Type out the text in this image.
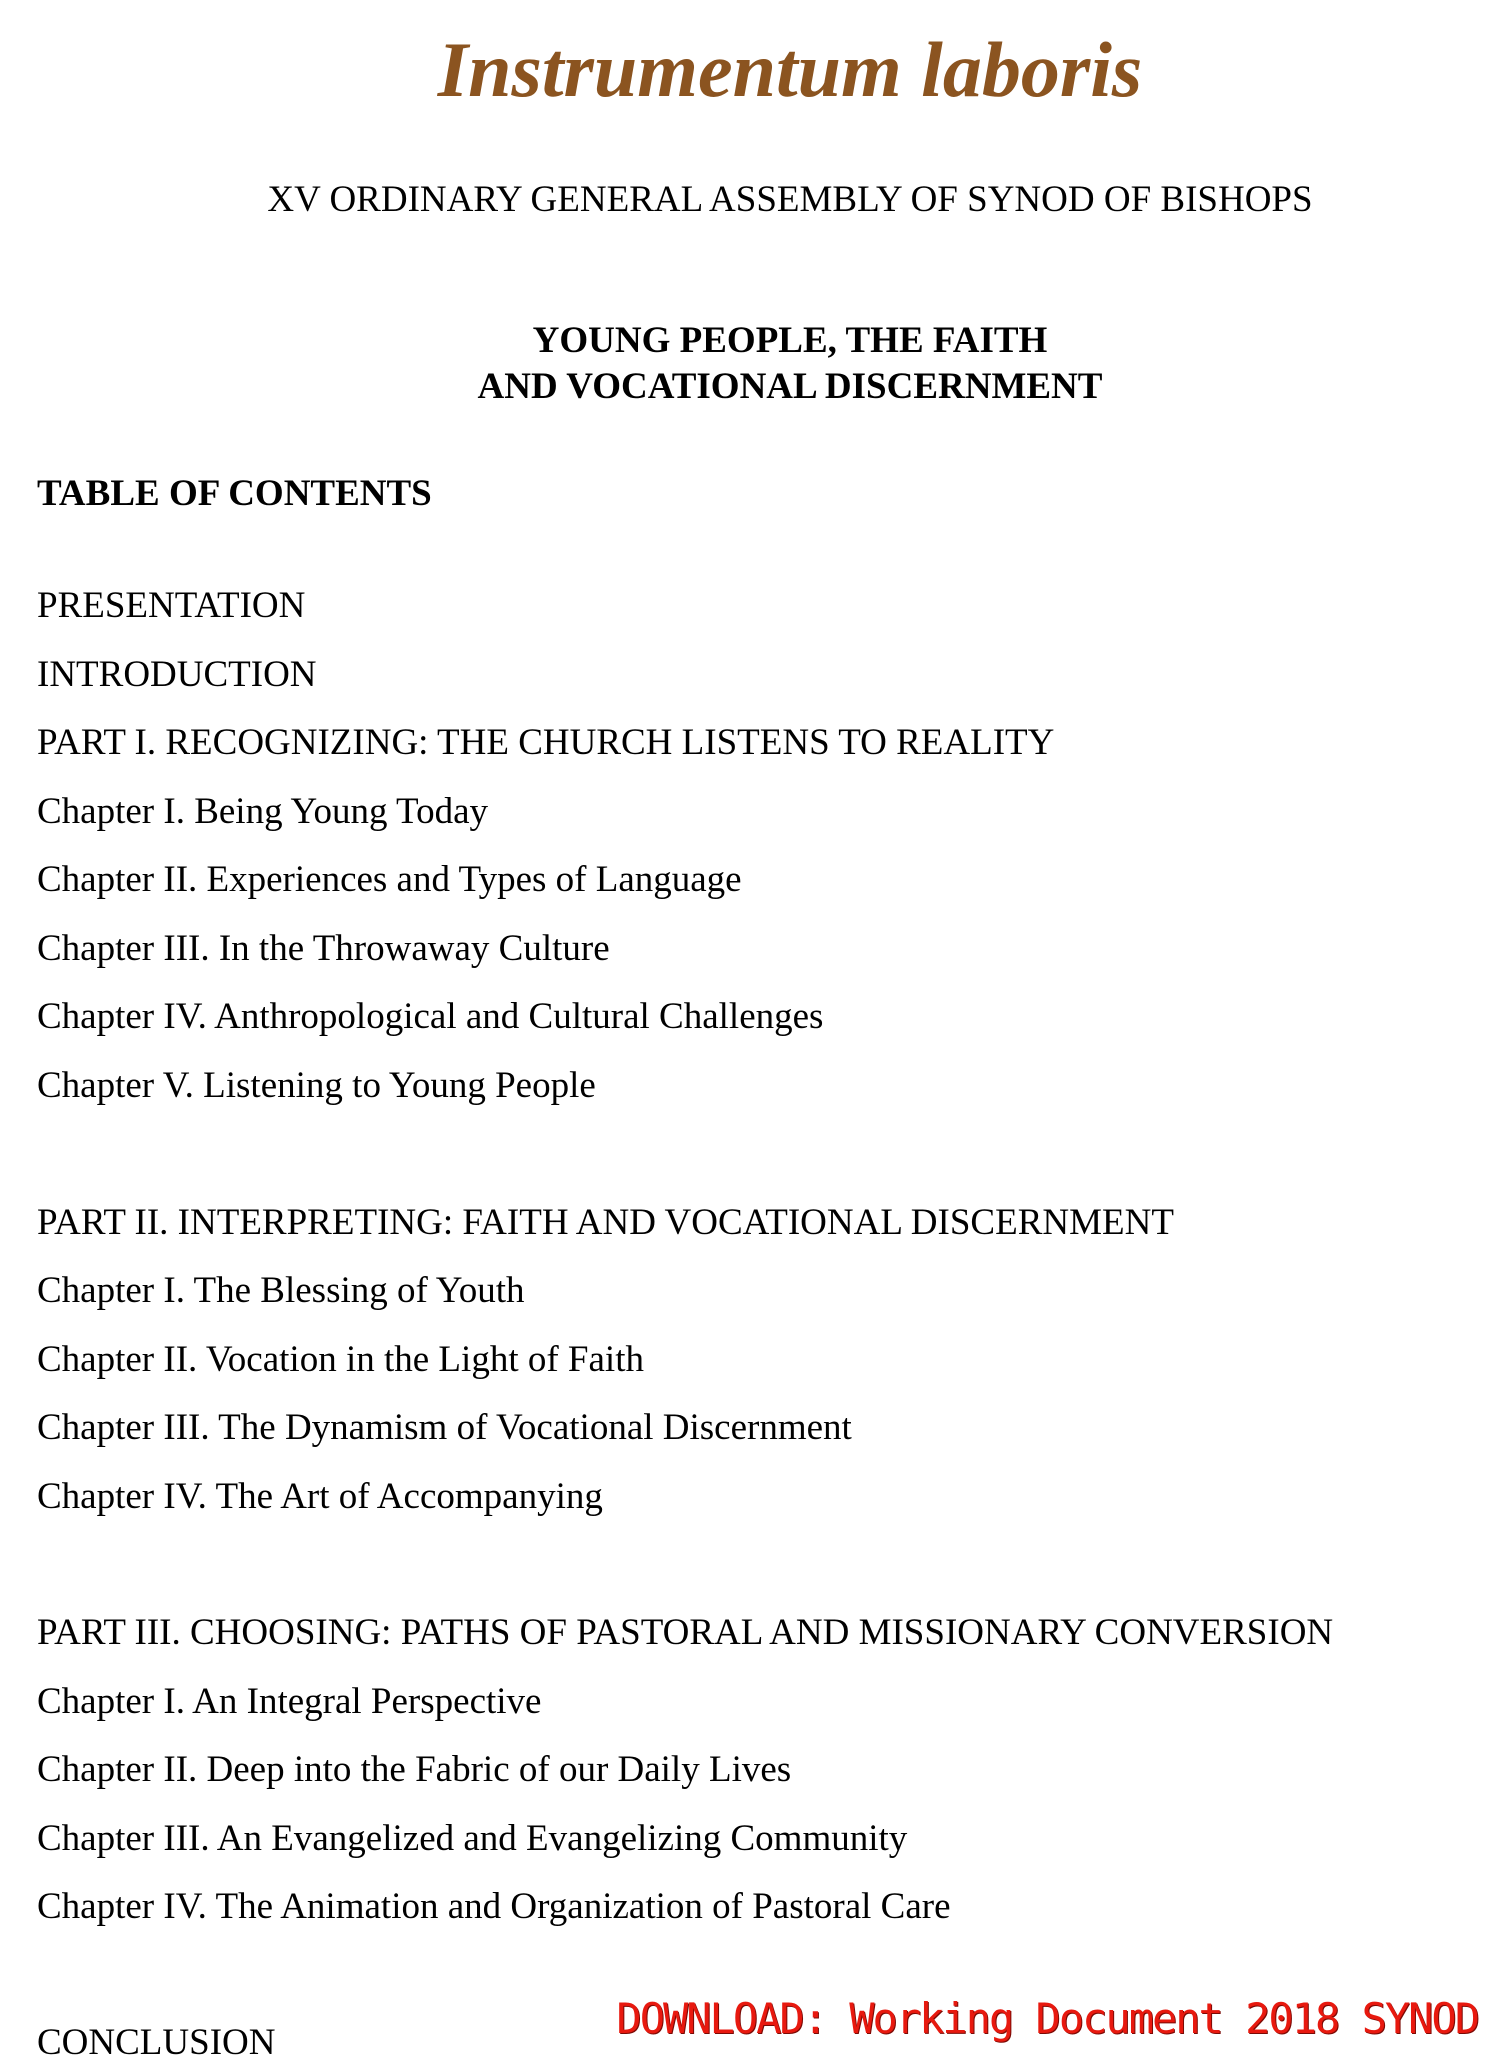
Instrumentum laboris
XV ORDINARY GENERAL ASSEMBLY OF SYNOD OF BISHOPS
YOUNG PEOPLE, THE FAITH
AND VOCATIONAL DISCERNMENT
TABLE OF CONTENTS
PRESENTATION
INTRODUCTION
PART I. RECOGNIZING: THE CHURCH LISTENS TO REALITY
Chapter I. Being Young Today
Chapter II. Experiences and Types of Language
Chapter III. In the Throwaway Culture
Chapter IV. Anthropological and Cultural Challenges
Chapter V. Listening to Young People
PART II. INTERPRETING: FAITH AND VOCATIONAL DISCERNMENT
Chapter I. The Blessing of Youth
Chapter II. Vocation in the Light of Faith
Chapter III. The Dynamism of Vocational Discernment
Chapter IV. The Art of Accompanying
PART III. CHOOSING: PATHS OF PASTORAL AND MISSIONARY CONVERSION
Chapter I. An Integral Perspective
Chapter II. Deep into the Fabric of our Daily Lives
Chapter III. An Evangelized and Evangelizing Community
Chapter IV. The Animation and Organization of Pastoral Care
CONCLUSION	DOWNLOAD: Working Document 2018 SYNOD
